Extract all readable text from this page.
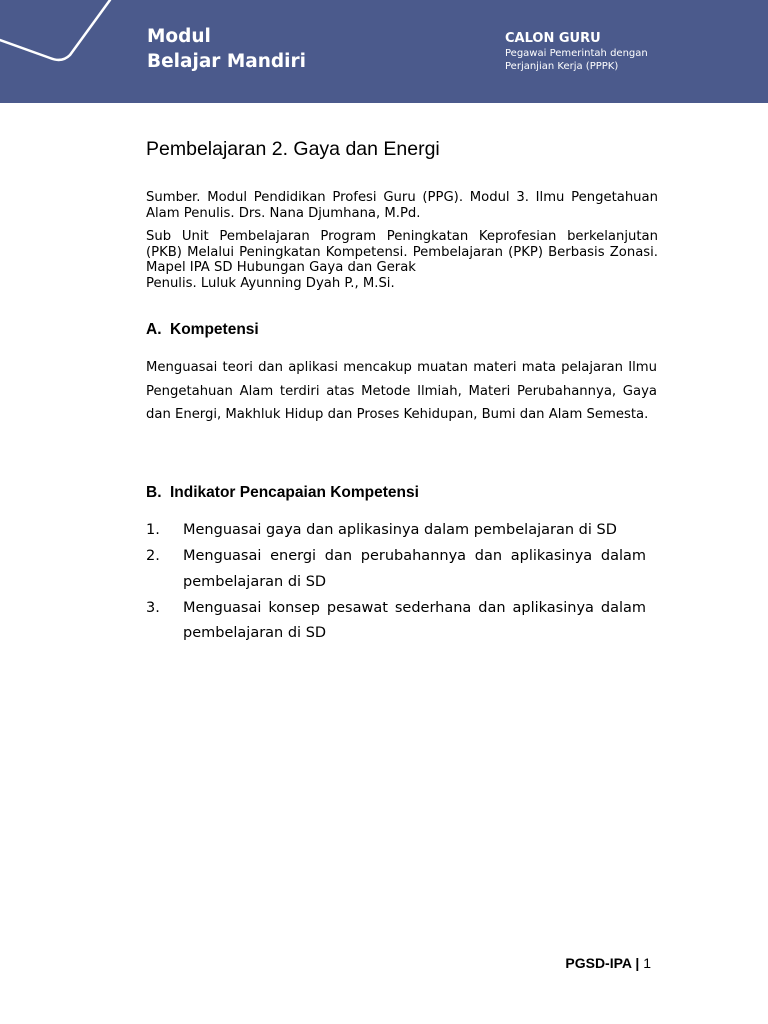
Modul
Belajar Mandiri
CALON GURU
Pegawai Pemerintah dengan
Perjanjian Kerja (PPPK)
Pembelajaran 2. Gaya dan Energi

Sumber. Modul Pendidikan Profesi Guru (PPG). Modul 3. Ilmu Pengetahuan Alam Penulis. Drs. Nana Djumhana, M.Pd.

Sub Unit Pembelajaran Program Peningkatan Keprofesian berkelanjutan (PKB) Melalui Peningkatan Kompetensi. Pembelajaran (PKP) Berbasis Zonasi. Mapel IPA SD Hubungan Gaya dan Gerak

Penulis. Luluk Ayunning Dyah P., M.Si.

A. Kompetensi

Menguasai teori dan aplikasi mencakup muatan materi mata pelajaran Ilmu Pengetahuan Alam terdiri atas Metode Ilmiah, Materi Perubahannya, Gaya dan Energi, Makhluk Hidup dan Proses Kehidupan, Bumi dan Alam Semesta.

B. Indikator Pencapaian Kompetensi
1. Menguasai gaya dan aplikasinya dalam pembelajaran di SD
2. Menguasai energi dan perubahannya dan aplikasinya dalam pembelajaran di SD
3. Menguasai konsep pesawat sederhana dan aplikasinya dalam pembelajaran di SD
PGSD-IPA | 1
